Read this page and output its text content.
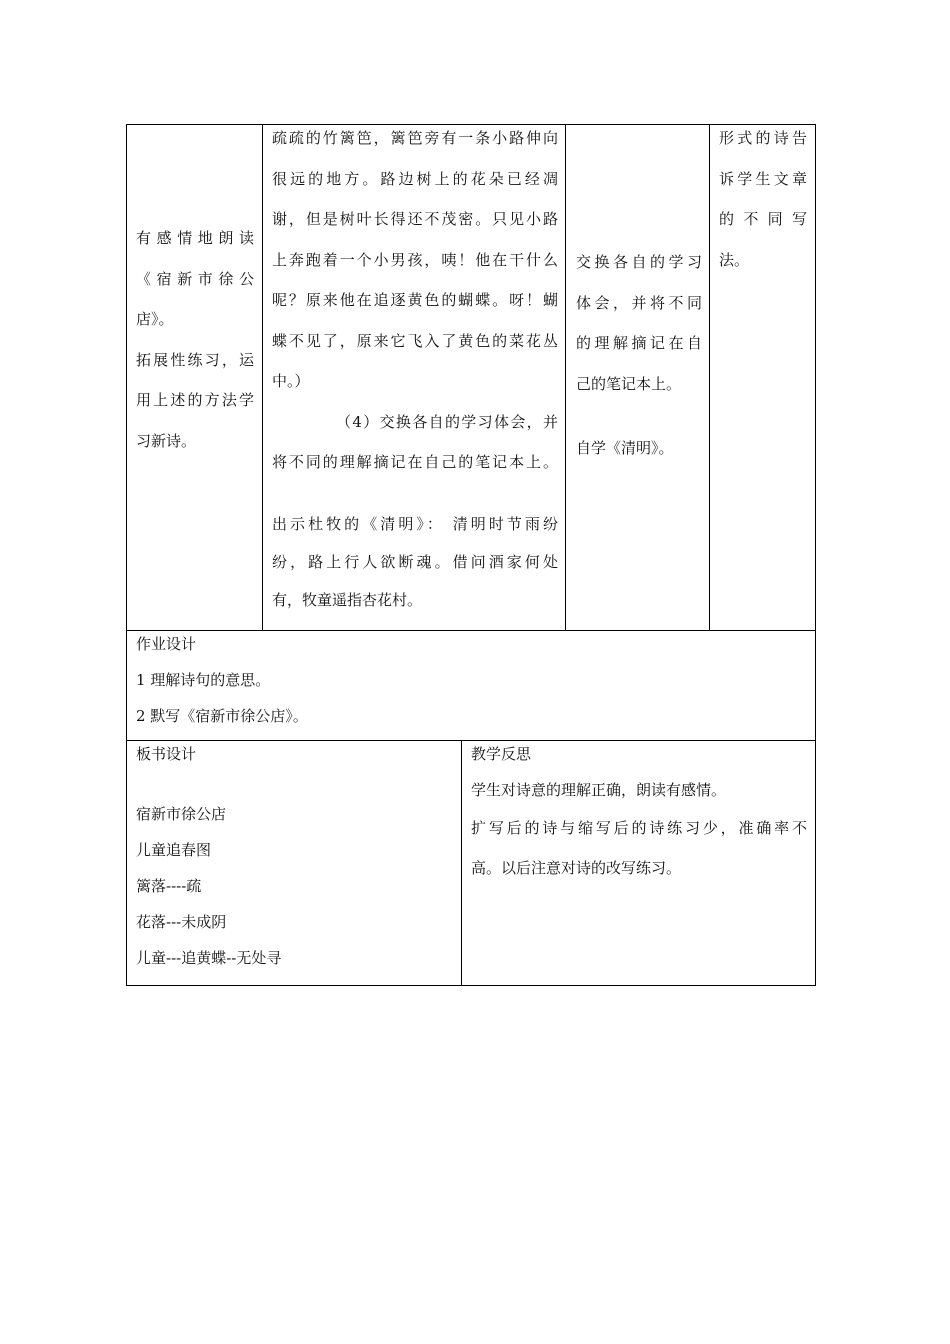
有感情地朗读

《宿新市徐公

店》。

拓展性练习，运

用上述的方法学

习新诗。

疏疏的竹篱笆，篱笆旁有一条小路伸向

很远的地方。路边树上的花朵已经凋

谢，但是树叶长得还不茂密。只见小路

上奔跑着一个小男孩，咦！他在干什么

呢？原来他在追逐黄色的蝴蝶。呀！蝴

蝶不见了，原来它飞入了黄色的菜花丛

中。）

（4）交换各自的学习体会，并

将不同的理解摘记在自己的笔记本上。

出示杜牧的《清明》： 清明时节雨纷

纷，路上行人欲断魂。借问酒家何处

有，牧童遥指杏花村。

交换各自的学习

体会，并将不同

的理解摘记在自

己的笔记本上。

自学《清明》。

形式的诗告

诉学生文章

的 不 同 写

法。

作业设计

1 理解诗句的意思。

2 默写《宿新市徐公店》。

板书设计

宿新市徐公店

儿童追春图

篱落----疏

花落---未成阴

儿童---追黄蝶--无处寻

教学反思

学生对诗意的理解正确，朗读有感情。

扩写后的诗与缩写后的诗练习少，准确率不

高。以后注意对诗的改写练习。
